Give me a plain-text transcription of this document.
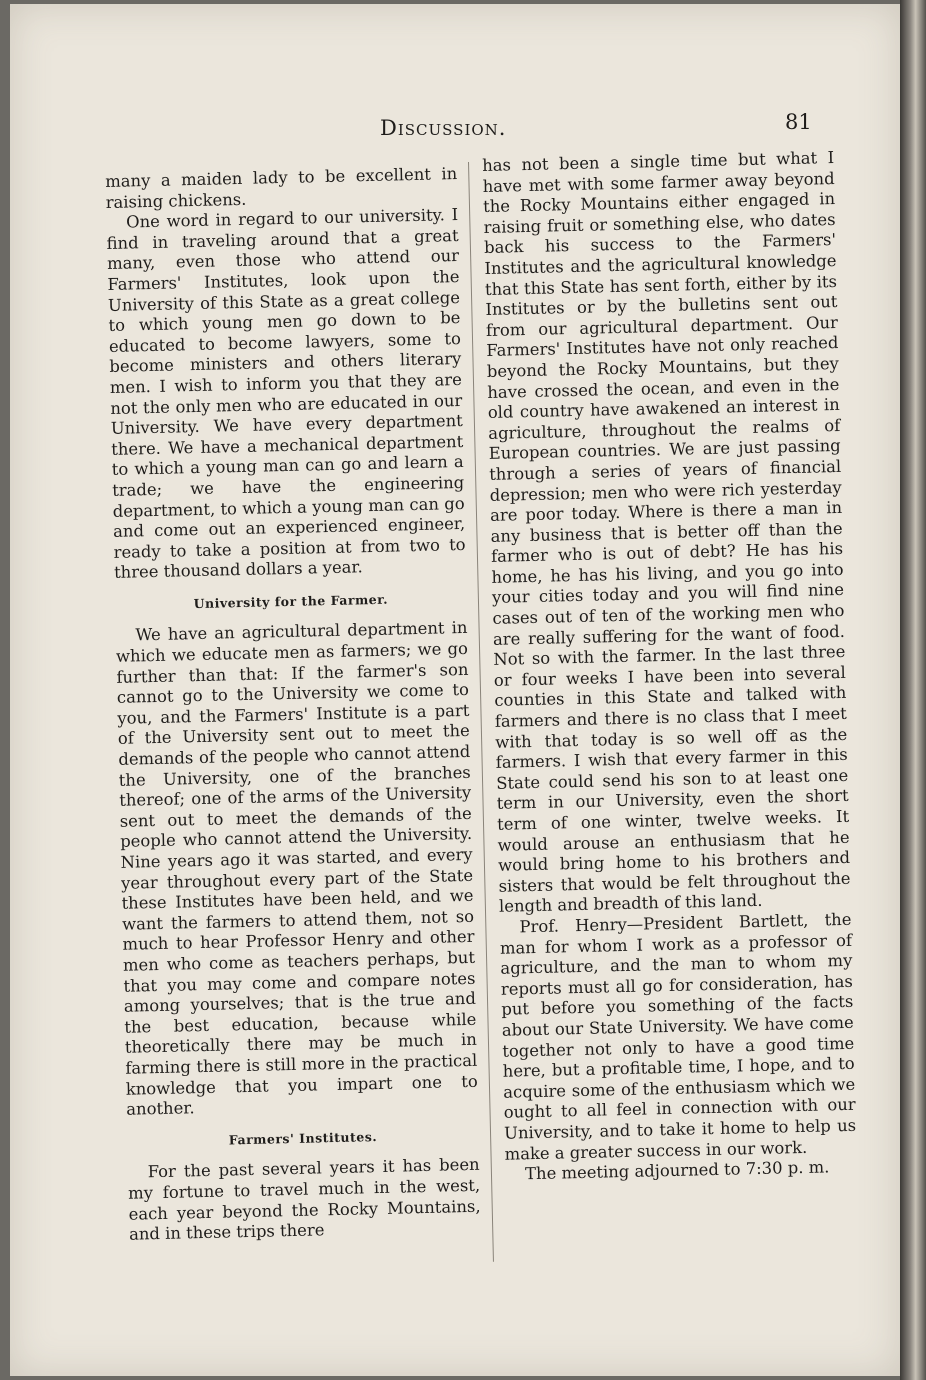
Discussion.	81

many a maiden lady to be excellent in raising chickens.

One word in regard to our university. I find in traveling around that a great many, even those who attend our Farmers' Institutes, look upon the University of this State as a great college to which young men go down to be educated to become lawyers, some to become ministers and others literary men. I wish to inform you that they are not the only men who are educated in our University. We have every department there. We have a mechanical department to which a young man can go and learn a trade; we have the engineering department, to which a young man can go and come out an experienced engineer, ready to take a position at from two to three thousand dollars a year.

University for the Farmer.

We have an agricultural department in which we educate men as farmers; we go further than that: If the farmer's son cannot go to the University we come to you, and the Farmers' Institute is a part of the University sent out to meet the demands of the people who cannot attend the University, one of the branches thereof; one of the arms of the University sent out to meet the demands of the people who cannot attend the University. Nine years ago it was started, and every year throughout every part of the State these Institutes have been held, and we want the farmers to attend them, not so much to hear Professor Henry and other men who come as teachers perhaps, but that you may come and compare notes among yourselves; that is the true and the best education, because while theoretically there may be much in farming there is still more in the practical knowledge that you impart one to another.

Farmers' Institutes.

For the past several years it has been my fortune to travel much in the west, each year beyond the Rocky Mountains, and in these trips there

has not been a single time but what I have met with some farmer away beyond the Rocky Mountains either engaged in raising fruit or something else, who dates back his success to the Farmers' Institutes and the agricultural knowledge that this State has sent forth, either by its Institutes or by the bulletins sent out from our agricultural department. Our Farmers' Institutes have not only reached beyond the Rocky Mountains, but they have crossed the ocean, and even in the old country have awakened an interest in agriculture, throughout the realms of European countries. We are just passing through a series of years of financial depression; men who were rich yesterday are poor today. Where is there a man in any business that is better off than the farmer who is out of debt? He has his home, he has his living, and you go into your cities today and you will find nine cases out of ten of the working men who are really suffering for the want of food. Not so with the farmer. In the last three or four weeks I have been into several counties in this State and talked with farmers and there is no class that I meet with that today is so well off as the farmers. I wish that every farmer in this State could send his son to at least one term in our University, even the short term of one winter, twelve weeks. It would arouse an enthusiasm that he would bring home to his brothers and sisters that would be felt throughout the length and breadth of this land.

Prof. Henry—President Bartlett, the man for whom I work as a professor of agriculture, and the man to whom my reports must all go for consideration, has put before you something of the facts about our State University. We have come together not only to have a good time here, but a profitable time, I hope, and to acquire some of the enthusiasm which we ought to all feel in connection with our University, and to take it home to help us make a greater success in our work.

The meeting adjourned to 7:30 p. m.
